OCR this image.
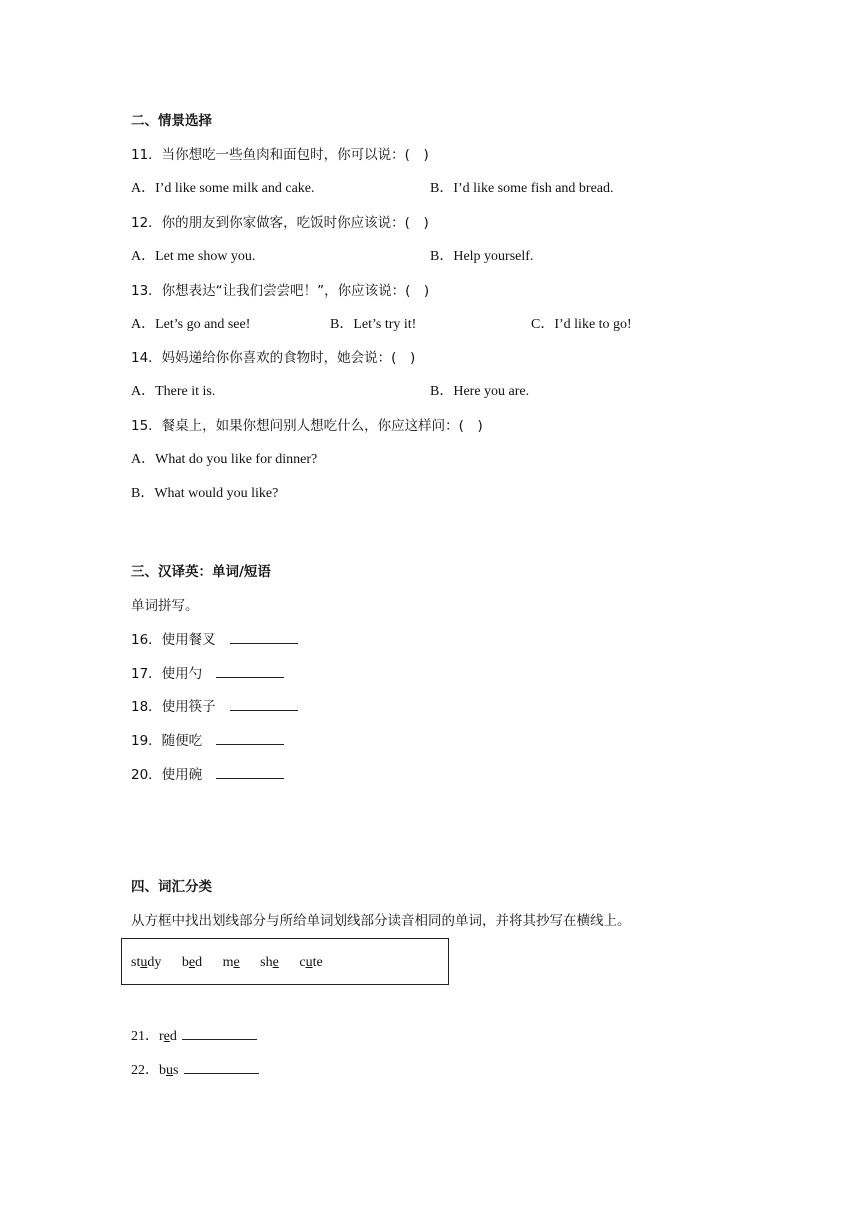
二、情景选择
11．当你想吃一些鱼肉和面包时，你可以说：(　)
A．I’d like some milk and cake.	B．I’d like some fish and bread.
12．你的朋友到你家做客，吃饭时你应该说：(　)
A．Let me show you.	B．Help yourself.
13．你想表达“让我们尝尝吧！”，你应该说：(　)
A．Let’s go and see!	B．Let’s try it!	C．I’d like to go!
14．妈妈递给你你喜欢的食物时，她会说：(　)
A．There it is.	B．Here you are.
15．餐桌上，如果你想问别人想吃什么，你应这样问：(　)
A．What do you like for dinner?
B．What would you like?
三、汉译英：单词/短语
单词拼写。
16．使用餐叉
17．使用勺
18．使用筷子
19．随便吃
20．使用碗
四、词汇分类
从方框中找出划线部分与所给单词划线部分读音相同的单词，并将其抄写在横线上。
study bed me she cute
21．red
22．bus
